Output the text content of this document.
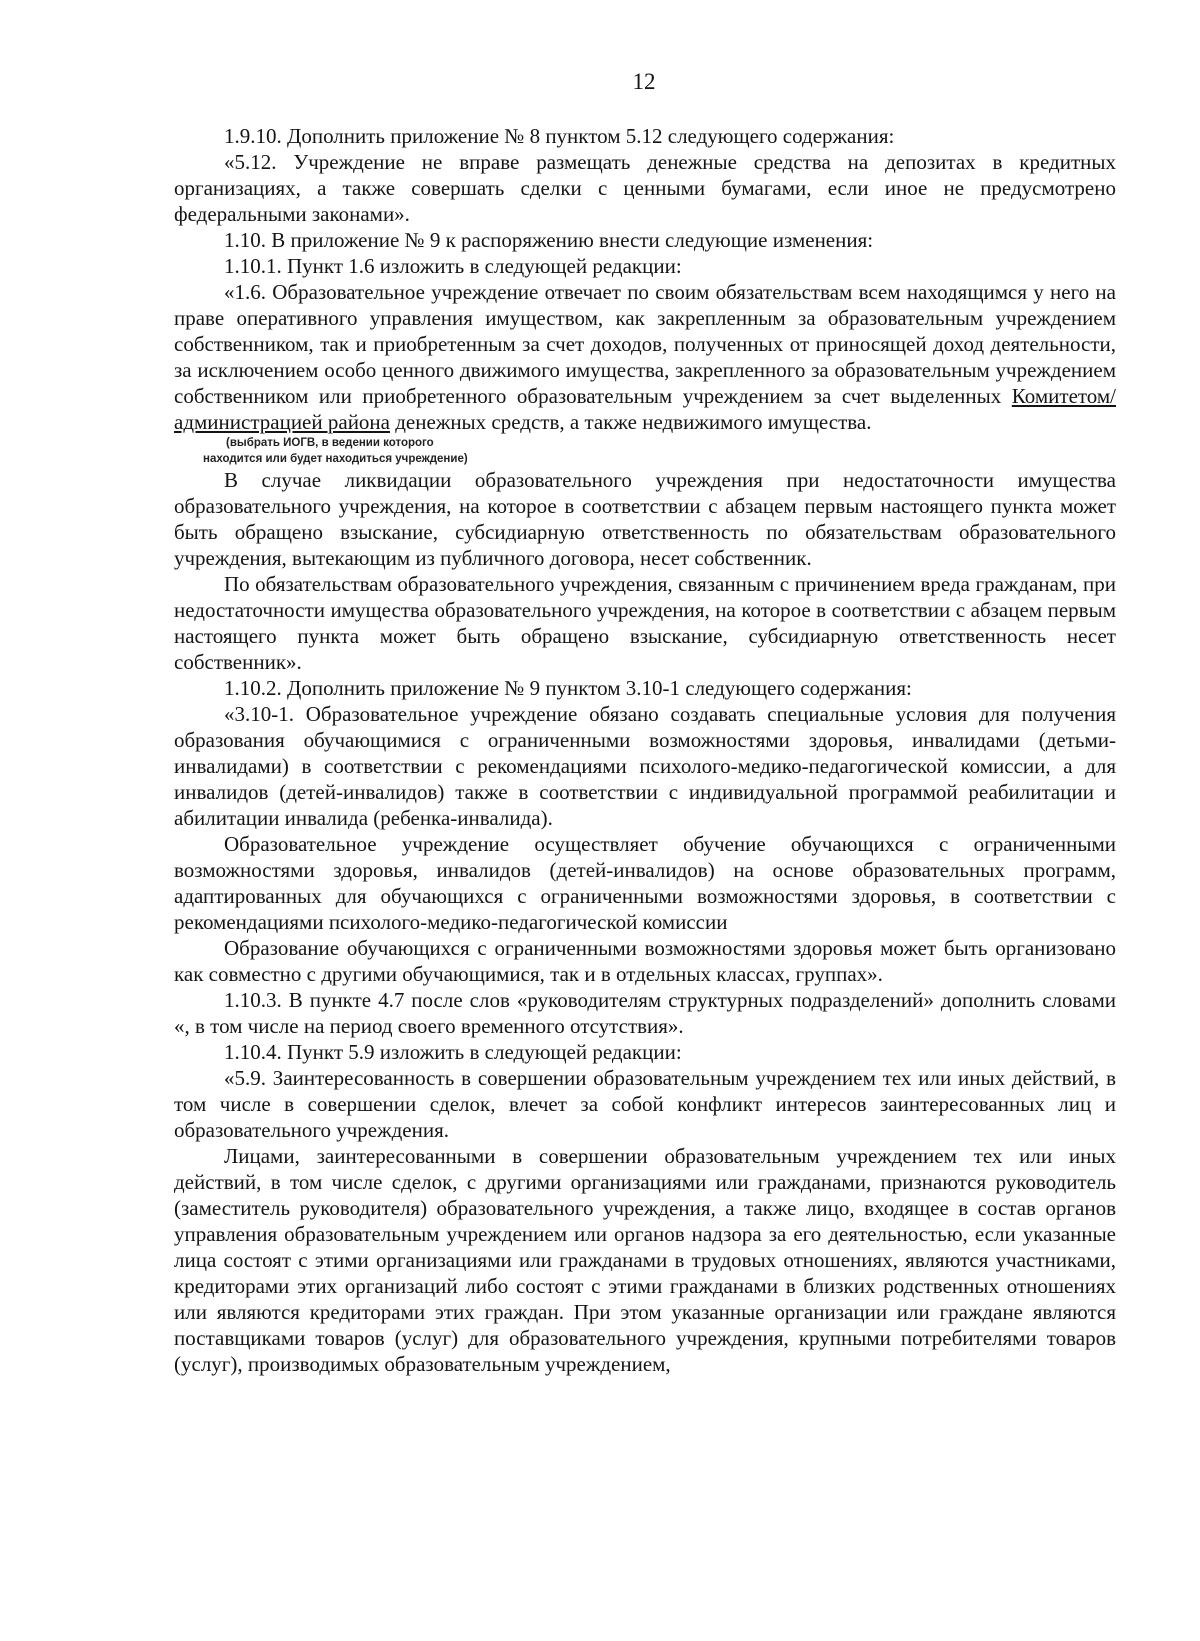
12

1.9.10. Дополнить приложение № 8 пунктом 5.12 следующего содержания:

«5.12. Учреждение не вправе размещать денежные средства на депозитах в кредитных организациях, а также совершать сделки с ценными бумагами, если иное не предусмотрено федеральными законами».

1.10. В приложение № 9 к распоряжению внести следующие изменения:

1.10.1. Пункт 1.6 изложить в следующей редакции:

«1.6. Образовательное учреждение отвечает по своим обязательствам всем находящимся у него на праве оперативного управления имуществом, как закрепленным за образовательным учреждением собственником, так и приобретенным за счет доходов, полученных от приносящей доход деятельности, за исключением особо ценного движимого имущества, закрепленного за образовательным учреждением собственником или приобретенного образовательным учреждением за счет выделенных Комитетом/администрацией района денежных средств, а также недвижимого имущества.

(выбрать ИОГВ, в ведении которого

находится или будет находиться учреждение)

В случае ликвидации образовательного учреждения при недостаточности имущества образовательного учреждения, на которое в соответствии с абзацем первым настоящего пункта может быть обращено взыскание, субсидиарную ответственность по обязательствам образовательного учреждения, вытекающим из публичного договора, несет собственник.

По обязательствам образовательного учреждения, связанным с причинением вреда гражданам, при недостаточности имущества образовательного учреждения, на которое в соответствии с абзацем первым настоящего пункта может быть обращено взыскание, субсидиарную ответственность несет собственник».

1.10.2. Дополнить приложение № 9 пунктом 3.10-1 следующего содержания:

«3.10-1. Образовательное учреждение обязано создавать специальные условия для получения образования обучающимися с ограниченными возможностями здоровья, инвалидами (детьми-инвалидами) в соответствии с рекомендациями психолого-медико-педагогической комиссии, а для инвалидов (детей-инвалидов) также в соответствии с индивидуальной программой реабилитации и абилитации инвалида (ребенка-инвалида).

Образовательное учреждение осуществляет обучение обучающихся с ограниченными возможностями здоровья, инвалидов (детей-инвалидов) на основе образовательных программ, адаптированных для обучающихся с ограниченными возможностями здоровья, в соответствии с рекомендациями психолого-медико-педагогической комиссии

Образование обучающихся с ограниченными возможностями здоровья может быть организовано как совместно с другими обучающимися, так и в отдельных классах, группах».

1.10.3. В пункте 4.7 после слов «руководителям структурных подразделений» дополнить словами «, в том числе на период своего временного отсутствия».

1.10.4. Пункт 5.9 изложить в следующей редакции:

«5.9. Заинтересованность в совершении образовательным учреждением тех или иных действий, в том числе в совершении сделок, влечет за собой конфликт интересов заинтересованных лиц и образовательного учреждения.

Лицами, заинтересованными в совершении образовательным учреждением тех или иных действий, в том числе сделок, с другими организациями или гражданами, признаются руководитель (заместитель руководителя) образовательного учреждения, а также лицо, входящее в состав органов управления образовательным учреждением или органов надзора за его деятельностью, если указанные лица состоят с этими организациями или гражданами в трудовых отношениях, являются участниками, кредиторами этих организаций либо состоят с этими гражданами в близких родственных отношениях или являются кредиторами этих граждан. При этом указанные организации или граждане являются поставщиками товаров (услуг) для образовательного учреждения, крупными потребителями товаров (услуг), производимых образовательным учреждением,
